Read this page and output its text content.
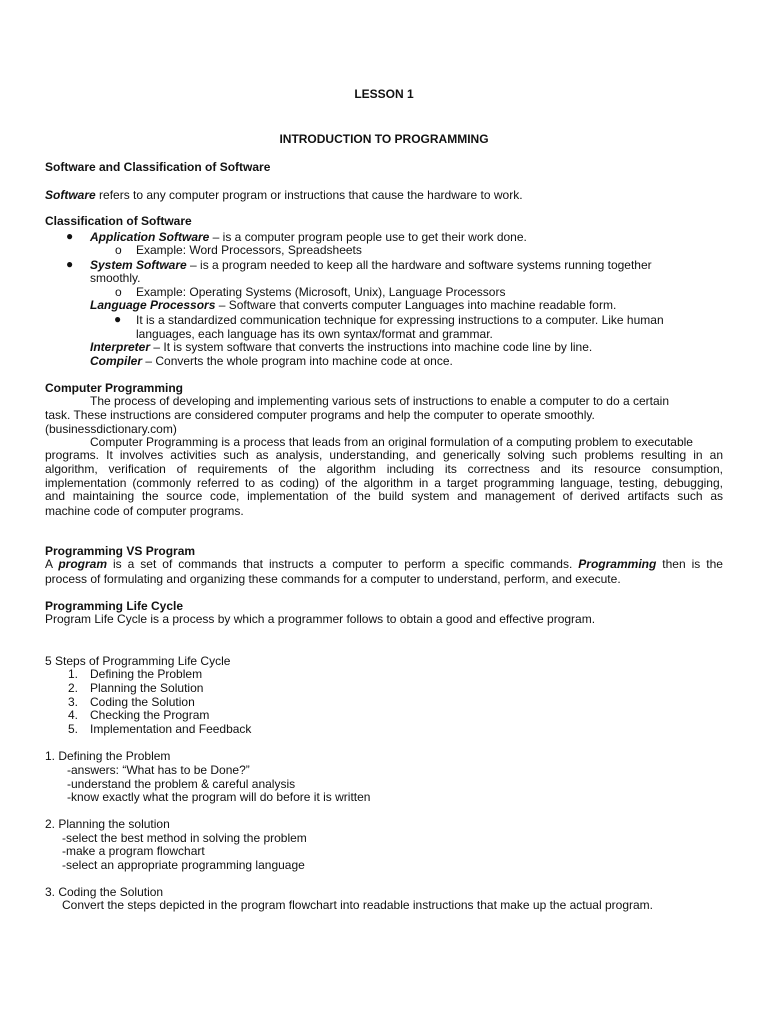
LESSON 1
INTRODUCTION TO PROGRAMMING
Software and Classification of Software
Software refers to any computer program or instructions that cause the hardware to work.
Classification of Software
● Application Software – is a computer program people use to get their work done.
o Example: Word Processors, Spreadsheets
● System Software – is a program needed to keep all the hardware and software systems running together
smoothly.
o Example: Operating Systems (Microsoft, Unix), Language Processors
Language Processors – Software that converts computer Languages into machine readable form.
● It is a standardized communication technique for expressing instructions to a computer. Like human
languages, each language has its own syntax/format and grammar.
Interpreter – It is system software that converts the instructions into machine code line by line.
Compiler – Converts the whole program into machine code at once.
Computer Programming
The process of developing and implementing various sets of instructions to enable a computer to do a certain
task. These instructions are considered computer programs and help the computer to operate smoothly.
(businessdictionary.com)
Computer Programming is a process that leads from an original formulation of a computing problem to executable
programs. It involves activities such as analysis, understanding, and generically solving such problems resulting in an
algorithm, verification of requirements of the algorithm including its correctness and its resource consumption,
implementation (commonly referred to as coding) of the algorithm in a target programming language, testing, debugging,
and maintaining the source code, implementation of the build system and management of derived artifacts such as
machine code of computer programs.
Programming VS Program
A program is a set of commands that instructs a computer to perform a specific commands. Programming then is the
process of formulating and organizing these commands for a computer to understand, perform, and execute.
Programming Life Cycle
Program Life Cycle is a process by which a programmer follows to obtain a good and effective program.
5 Steps of Programming Life Cycle
1. Defining the Problem
2. Planning the Solution
3. Coding the Solution
4. Checking the Program
5. Implementation and Feedback
1. Defining the Problem
-answers: “What has to be Done?”
-understand the problem & careful analysis
-know exactly what the program will do before it is written
2. Planning the solution
-select the best method in solving the problem
-make a program flowchart
-select an appropriate programming language
3. Coding the Solution
Convert the steps depicted in the program flowchart into readable instructions that make up the actual program.
